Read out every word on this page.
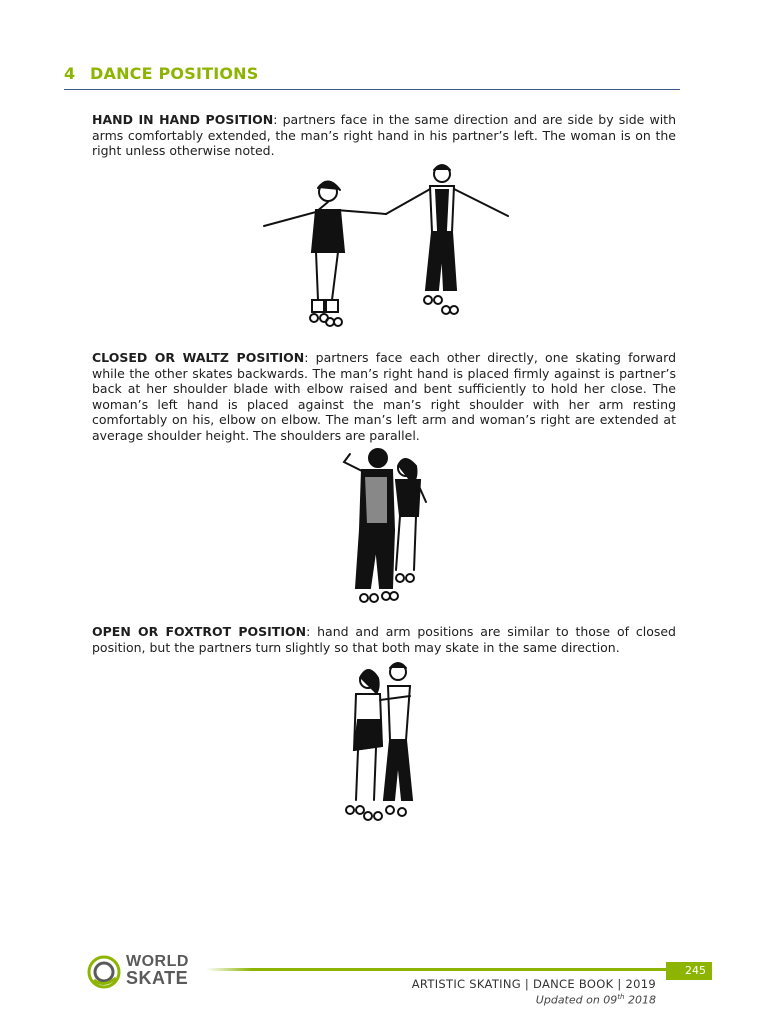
4 DANCE POSITIONS
HAND IN HAND POSITION: partners face in the same direction and are side by side with arms comfortably extended, the man’s right hand in his partner’s left. The woman is on the right unless otherwise noted.
CLOSED OR WALTZ POSITION: partners face each other directly, one skating forward while the other skates backwards. The man’s right hand is placed firmly against is partner’s back at her shoulder blade with elbow raised and bent sufficiently to hold her close. The woman’s left hand is placed against the man’s right shoulder with her arm resting comfortably on his, elbow on elbow. The man’s left arm and woman’s right are extended at average shoulder height. The shoulders are parallel.
OPEN OR FOXTROT POSITION: hand and arm positions are similar to those of closed position, but the partners turn slightly so that both may skate in the same direction.
WORLD
SKATE	245
ARTISTIC SKATING | DANCE BOOK | 2019
Updated on 09th 2018
